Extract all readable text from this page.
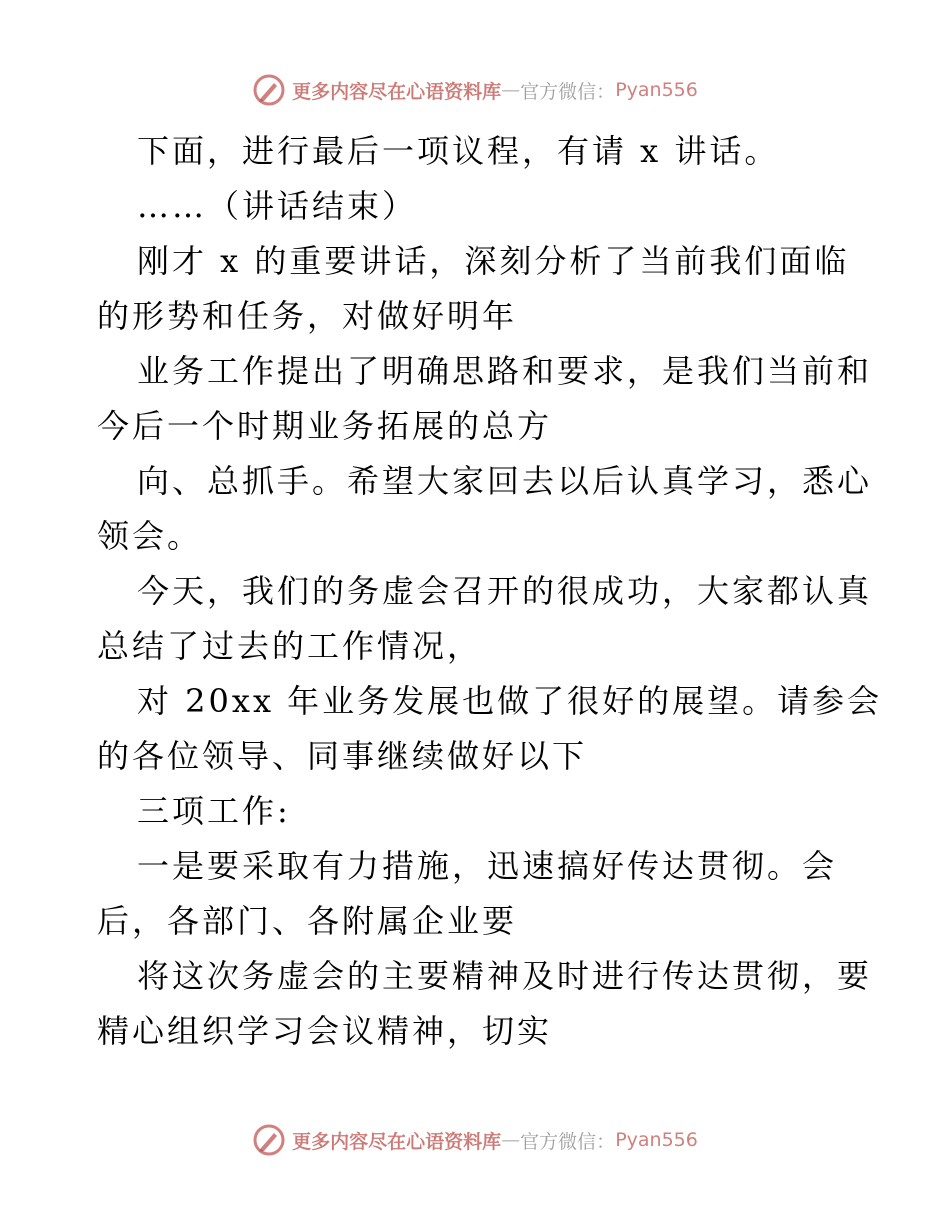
更多内容尽在心语资料库 — 官方微信： Pyan556
下面，进行最后一项议程，有请 x 讲话。
……（讲话结束）
刚才 x 的重要讲话，深刻分析了当前我们面临
的形势和任务，对做好明年
业务工作提出了明确思路和要求，是我们当前和
今后一个时期业务拓展的总方
向、总抓手。希望大家回去以后认真学习，悉心
领会。
今天，我们的务虚会召开的很成功，大家都认真
总结了过去的工作情况，
对 20xx 年业务发展也做了很好的展望。请参会
的各位领导、同事继续做好以下
三项工作:
一是要采取有力措施，迅速搞好传达贯彻。会
后，各部门、各附属企业要
将这次务虚会的主要精神及时进行传达贯彻，要
精心组织学习会议精神，切实
更多内容尽在心语资料库 — 官方微信： Pyan556
